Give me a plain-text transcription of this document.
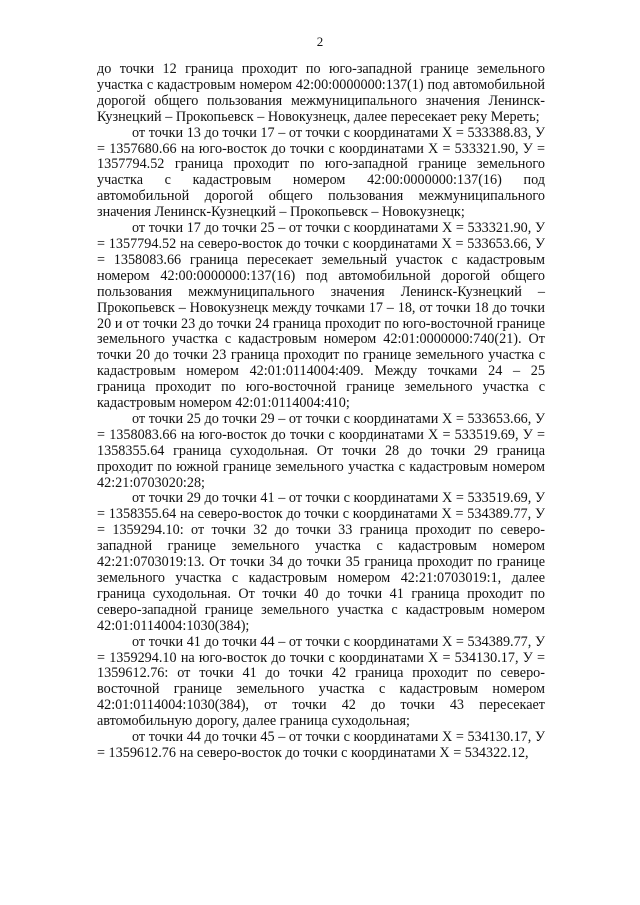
2

до точки 12 граница проходит по юго-западной границе земельного участка с кадастровым номером 42:00:0000000:137(1) под автомобильной дорогой общего пользования межмуниципального значения Ленинск-Кузнецкий – Прокопьевск – Новокузнецк, далее пересекает реку Мереть;

от точки 13 до точки 17 – от точки с координатами Х = 533388.83, У = 1357680.66 на юго-восток до точки с координатами Х = 533321.90, У = 1357794.52 граница проходит по юго-западной границе земельного участка с кадастровым номером 42:00:0000000:137(16) под автомобильной дорогой общего пользования межмуниципального значения Ленинск-Кузнецкий – Прокопьевск – Новокузнецк;

от точки 17 до точки 25 – от точки с координатами Х = 533321.90, У = 1357794.52 на северо-восток до точки с координатами Х = 533653.66, У = 1358083.66 граница пересекает земельный участок с кадастровым номером 42:00:0000000:137(16) под автомобильной дорогой общего пользования межмуниципального значения Ленинск-Кузнецкий – Прокопьевск – Новокузнецк между точками 17 – 18, от точки 18 до точки 20 и от точки 23 до точки 24 граница проходит по юго-восточной границе земельного участка с кадастровым номером 42:01:0000000:740(21). От точки 20 до точки 23 граница проходит по границе земельного участка с кадастровым номером 42:01:0114004:409. Между точками 24 – 25 граница проходит по юго-восточной границе земельного участка с кадастровым номером 42:01:0114004:410;

от точки 25 до точки 29 – от точки с координатами Х = 533653.66, У = 1358083.66 на юго-восток до точки с координатами Х = 533519.69, У = 1358355.64 граница суходольная. От точки 28 до точки 29 граница проходит по южной границе земельного участка с кадастровым номером 42:21:0703020:28;

от точки 29 до точки 41 – от точки с координатами Х = 533519.69, У = 1358355.64 на северо-восток до точки с координатами Х = 534389.77, У = 1359294.10: от точки 32 до точки 33 граница проходит по северо-западной границе земельного участка с кадастровым номером 42:21:0703019:13. От точки 34 до точки 35 граница проходит по границе земельного участка с кадастровым номером 42:21:0703019:1, далее граница суходольная. От точки 40 до точки 41 граница проходит по северо-западной границе земельного участка с кадастровым номером 42:01:0114004:1030(384);

от точки 41 до точки 44 – от точки с координатами Х = 534389.77, У = 1359294.10 на юго-восток до точки с координатами Х = 534130.17, У = 1359612.76: от точки 41 до точки 42 граница проходит по северо-восточной границе земельного участка с кадастровым номером 42:01:0114004:1030(384), от точки 42 до точки 43 пересекает автомобильную дорогу, далее граница суходольная;

от точки 44 до точки 45 – от точки с координатами Х = 534130.17, У = 1359612.76 на северо-восток до точки с координатами Х = 534322.12,
